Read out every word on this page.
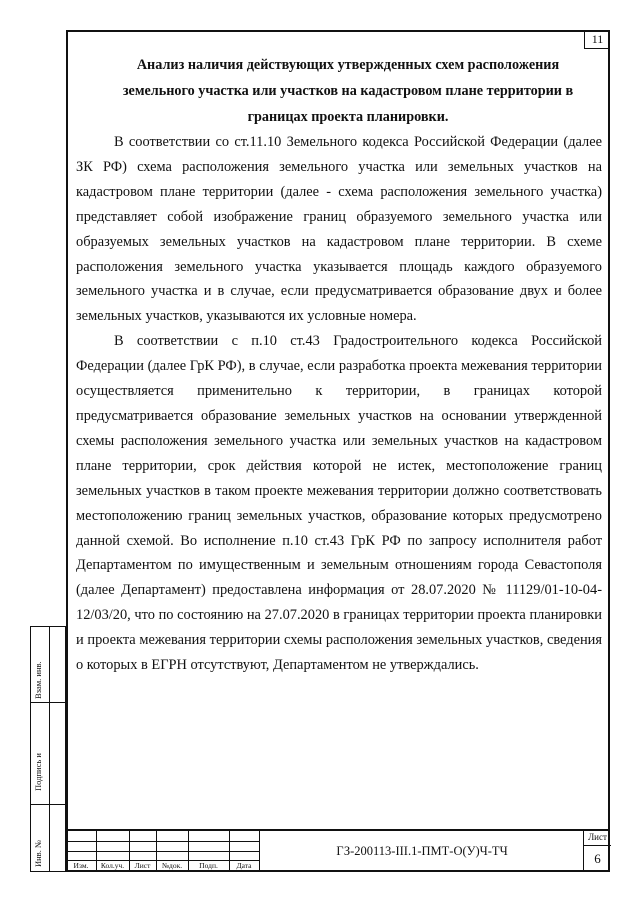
11
Анализ наличия действующих утвержденных схем расположения
земельного участка или участков на кадастровом плане территории в
границах проекта планировки.

В соответствии со ст.11.10 Земельного кодекса Российской Федерации (далее ЗК РФ) схема расположения земельного участка или земельных участков на кадастровом плане территории (далее - схема расположения земельного участка) представляет собой изображение границ образуемого земельного участка или образуемых земельных участков на кадастровом плане территории. В схеме расположения земельного участка указывается площадь каждого образуемого земельного участка и в случае, если предусматривается образование двух и более земельных участков, указываются их условные номера.

В соответствии с п.10 ст.43 Градостроительного кодекса Российской Федерации (далее ГрК РФ), в случае, если разработка проекта межевания территории осуществляется применительно к территории, в границах которой предусматривается образование земельных участков на основании утвержденной схемы расположения земельного участка или земельных участков на кадастровом плане территории, срок действия которой не истек, местоположение границ земельных участков в таком проекте межевания территории должно соответствовать местоположению границ земельных участков, образование которых предусмотрено данной схемой. Во исполнение п.10 ст.43 ГрК РФ по запросу исполнителя работ Департаментом по имущественным и земельным отношениям города Севастополя (далее Департамент) предоставлена информация от 28.07.2020 № 11129/01-10-04-12/03/20, что по состоянию на 27.07.2020 в границах территории проекта планировки и проекта межевания территории схемы расположения земельных участков, сведения о которых в ЕГРН отсутствуют, Департаментом не утверждались.

Взам. инв.
Подпись и
Инв. №	Изм.	Кол.уч.	Лист	№док.	Подп.	Дата
ГЗ-200113-III.1-ПМТ-О(У)Ч-ТЧ
Лист
6
